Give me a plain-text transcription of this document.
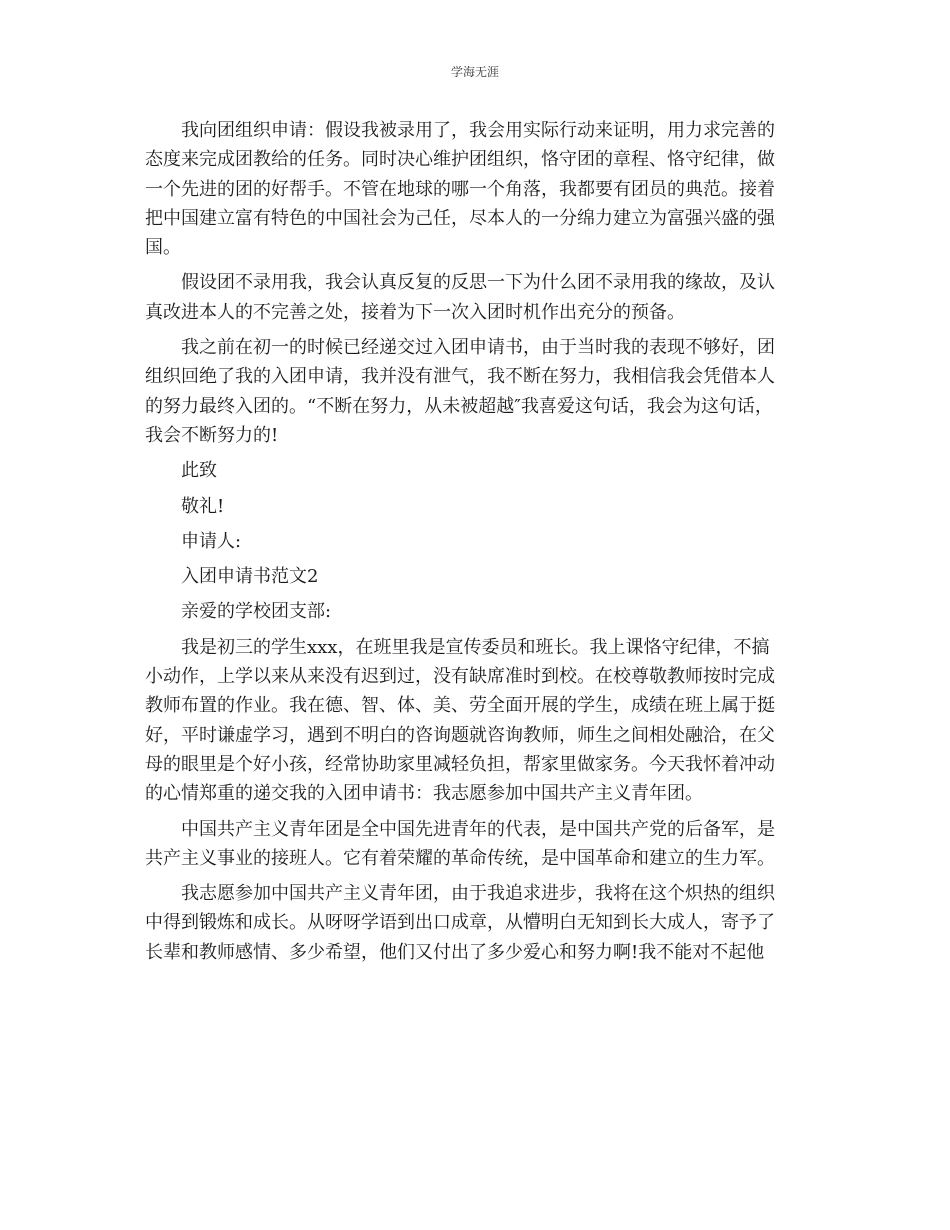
学海无涯

我向团组织申请：假设我被录用了，我会用实际行动来证明，用力求完善的
态度来完成团教给的任务。同时决心维护团组织，恪守团的章程、恪守纪律，做
一个先进的团的好帮手。不管在地球的哪一个角落，我都要有团员的典范。接着
把中国建立富有特色的中国社会为己任，尽本人的一分绵力建立为富强兴盛的强
国。

假设团不录用我，我会认真反复的反思一下为什么团不录用我的缘故，及认
真改进本人的不完善之处，接着为下一次入团时机作出充分的预备。

我之前在初一的时候已经递交过入团申请书，由于当时我的表现不够好，团
组织回绝了我的入团申请，我并没有泄气，我不断在努力，我相信我会凭借本人
的努力最终入团的。“不断在努力，从未被超越″我喜爱这句话，我会为这句话，
我会不断努力的!

此致

敬礼!

申请人:

入团申请书范文2

亲爱的学校团支部:

我是初三的学生xxx，在班里我是宣传委员和班长。我上课恪守纪律，不搞
小动作，上学以来从来没有迟到过，没有缺席准时到校。在校尊敬教师按时完成
教师布置的作业。我在德、智、体、美、劳全面开展的学生，成绩在班上属于挺
好，平时谦虚学习，遇到不明白的咨询题就咨询教师，师生之间相处融洽，在父
母的眼里是个好小孩，经常协助家里减轻负担，帮家里做家务。今天我怀着冲动
的心情郑重的递交我的入团申请书：我志愿参加中国共产主义青年团。

中国共产主义青年团是全中国先进青年的代表，是中国共产党的后备军，是
共产主义事业的接班人。它有着荣耀的革命传统，是中国革命和建立的生力军。

我志愿参加中国共产主义青年团，由于我追求进步，我将在这个炽热的组织
中得到锻炼和成长。从呀呀学语到出口成章，从懵明白无知到长大成人，寄予了
长辈和教师感情、多少希望，他们又付出了多少爱心和努力啊!我不能对不起他
